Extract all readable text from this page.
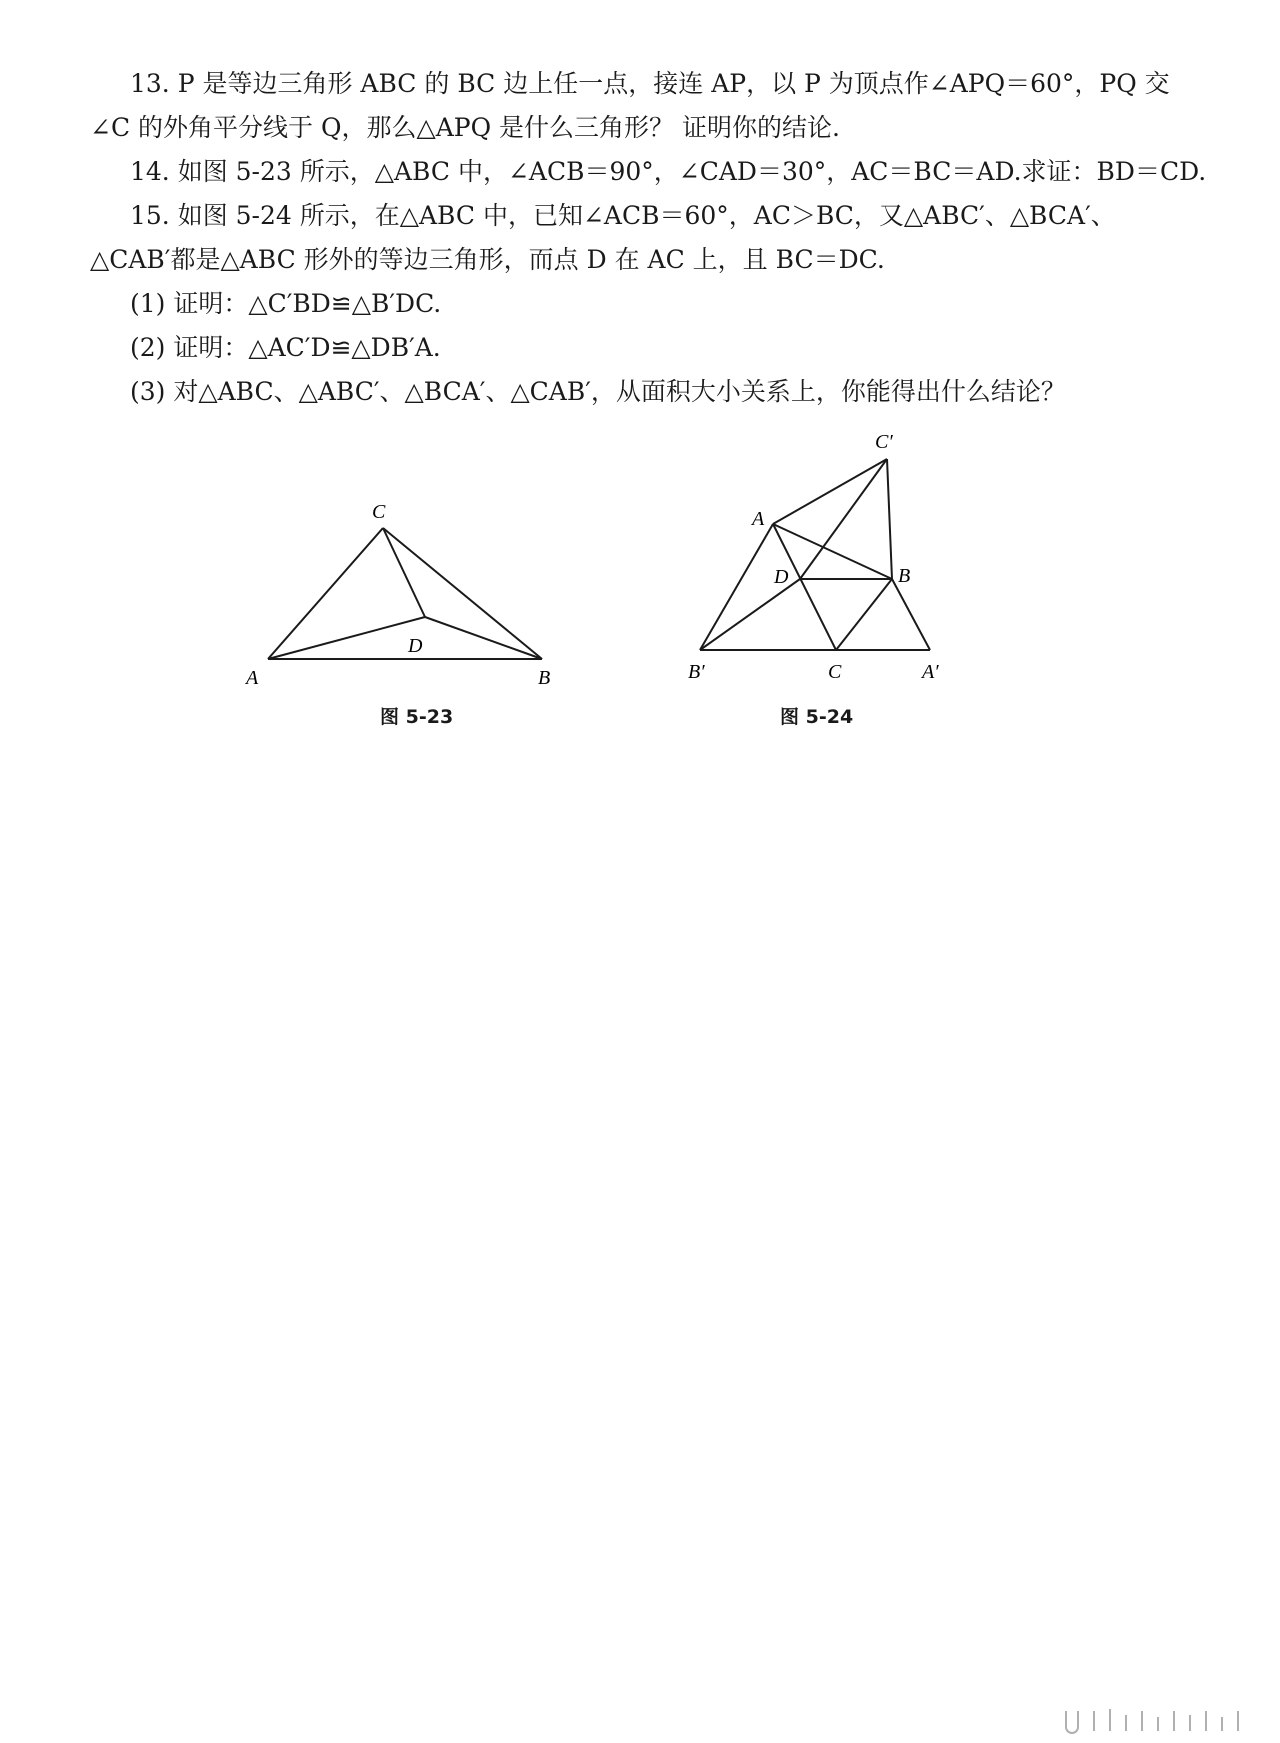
13. P 是等边三角形 ABC 的 BC 边上任一点，接连 AP，以 P 为顶点作∠APQ＝60°，PQ 交
∠C 的外角平分线于 Q，那么△APQ 是什么三角形？ 证明你的结论.
14. 如图 5-23 所示，△ABC 中，∠ACB＝90°，∠CAD＝30°，AC＝BC＝AD.求证：BD＝CD.
15. 如图 5-24 所示，在△ABC 中，已知∠ACB＝60°，AC＞BC，又△ABC′、△BCA′、
△CAB′都是△ABC 形外的等边三角形，而点 D 在 AC 上，且 BC＝DC.
(1) 证明：△C′BD≌△B′DC.
(2) 证明：△AC′D≌△DB′A.
(3) 对△ABC、△ABC′、△BCA′、△CAB′，从面积大小关系上，你能得出什么结论？
C
D
A	B
图 5-23
C′
A
D	B
B′	C	A′
图 5-24
